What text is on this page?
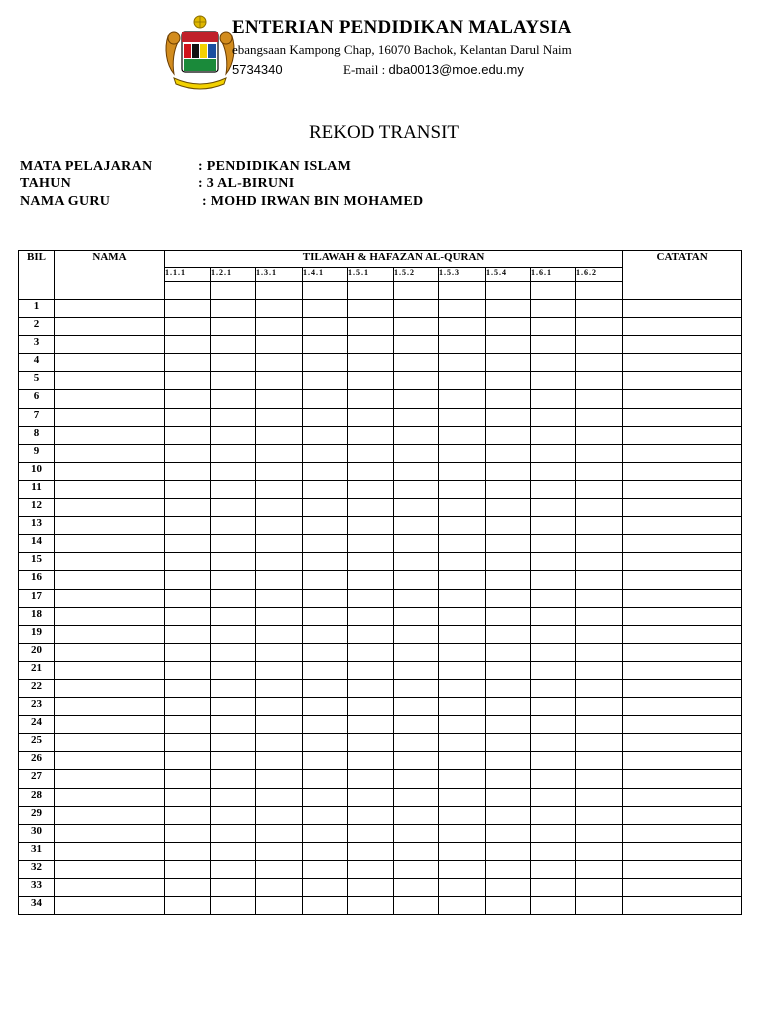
ENTERIAN PENDIDIKAN MALAYSIA
ebangsaan Kampong Chap, 16070 Bachok, Kelantan Darul Naim
5734340	E-mail : dba0013@moe.edu.my
REKOD TRANSIT
MATA PELAJARAN	: PENDIDIKAN ISLAM
TAHUN	: 3 AL-BIRUNI
NAMA GURU	: MOHD IRWAN BIN MOHAMED
BIL	NAMA	TILAWAH & HAFAZAN AL-QURAN										CATATAN
		1.1.1	1.2.1	1.3.1	1.4.1	1.5.1	1.5.2	1.5.3	1.5.4	1.6.1	1.6.2	

1												
2												
3												
4												
5												
6												
7												
8												
9												
10												
11												
12												
13												
14												
15												
16												
17												
18												
19												
20												
21												
22												
23												
24												
25												
26												
27												
28												
29												
30												
31												
32												
33												
34												
